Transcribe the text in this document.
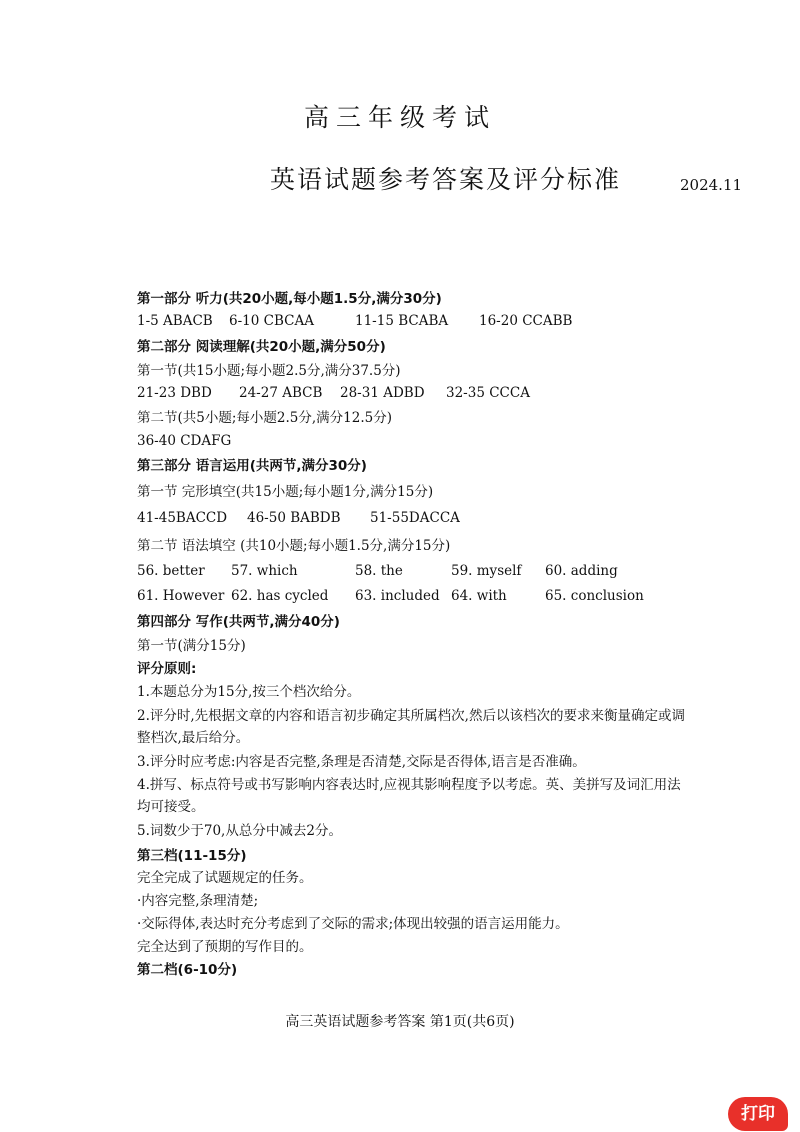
高三年级考试
英语试题参考答案及评分标准	2024.11
第一部分 听力(共20小题,每小题1.5分,满分30分)
1-5 ABACB 6-10 CBCAA	11-15 BCABA 16-20 CCABB
第二部分 阅读理解(共20小题,满分50分)
第一节(共15小题;每小题2.5分,满分37.5分)
21-23 DBD 24-27 ABCB 28-31 ADBD 32-35 CCCA
第二节(共5小题;每小题2.5分,满分12.5分)
36-40 CDAFG
第三部分 语言运用(共两节,满分30分)
第一节 完形填空(共15小题;每小题1分,满分15分)
41-45BACCD 46-50 BABDB 51-55DACCA
第二节 语法填空 (共10小题;每小题1.5分,满分15分)
56. better 57. which	58. the	59. myself 60. adding
61. However 62. has cycled 63. included 64. with	65. conclusion
第四部分 写作(共两节,满分40分)
第一节(满分15分)
评分原则:
1.本题总分为15分,按三个档次给分。
2.评分时,先根据文章的内容和语言初步确定其所属档次,然后以该档次的要求来衡量确定或调整档次,最后给分。
3.评分时应考虑:内容是否完整,条理是否清楚,交际是否得体,语言是否准确。
4.拼写、标点符号或书写影响内容表达时,应视其影响程度予以考虑。英、美拼写及词汇用法均可接受。
5.词数少于70,从总分中减去2分。
第三档(11-15分)
完全完成了试题规定的任务。
·内容完整,条理清楚;
·交际得体,表达时充分考虑到了交际的需求;体现出较强的语言运用能力。
完全达到了预期的写作目的。
第二档(6-10分)
高三英语试题参考答案 第1页(共6页)
打印
